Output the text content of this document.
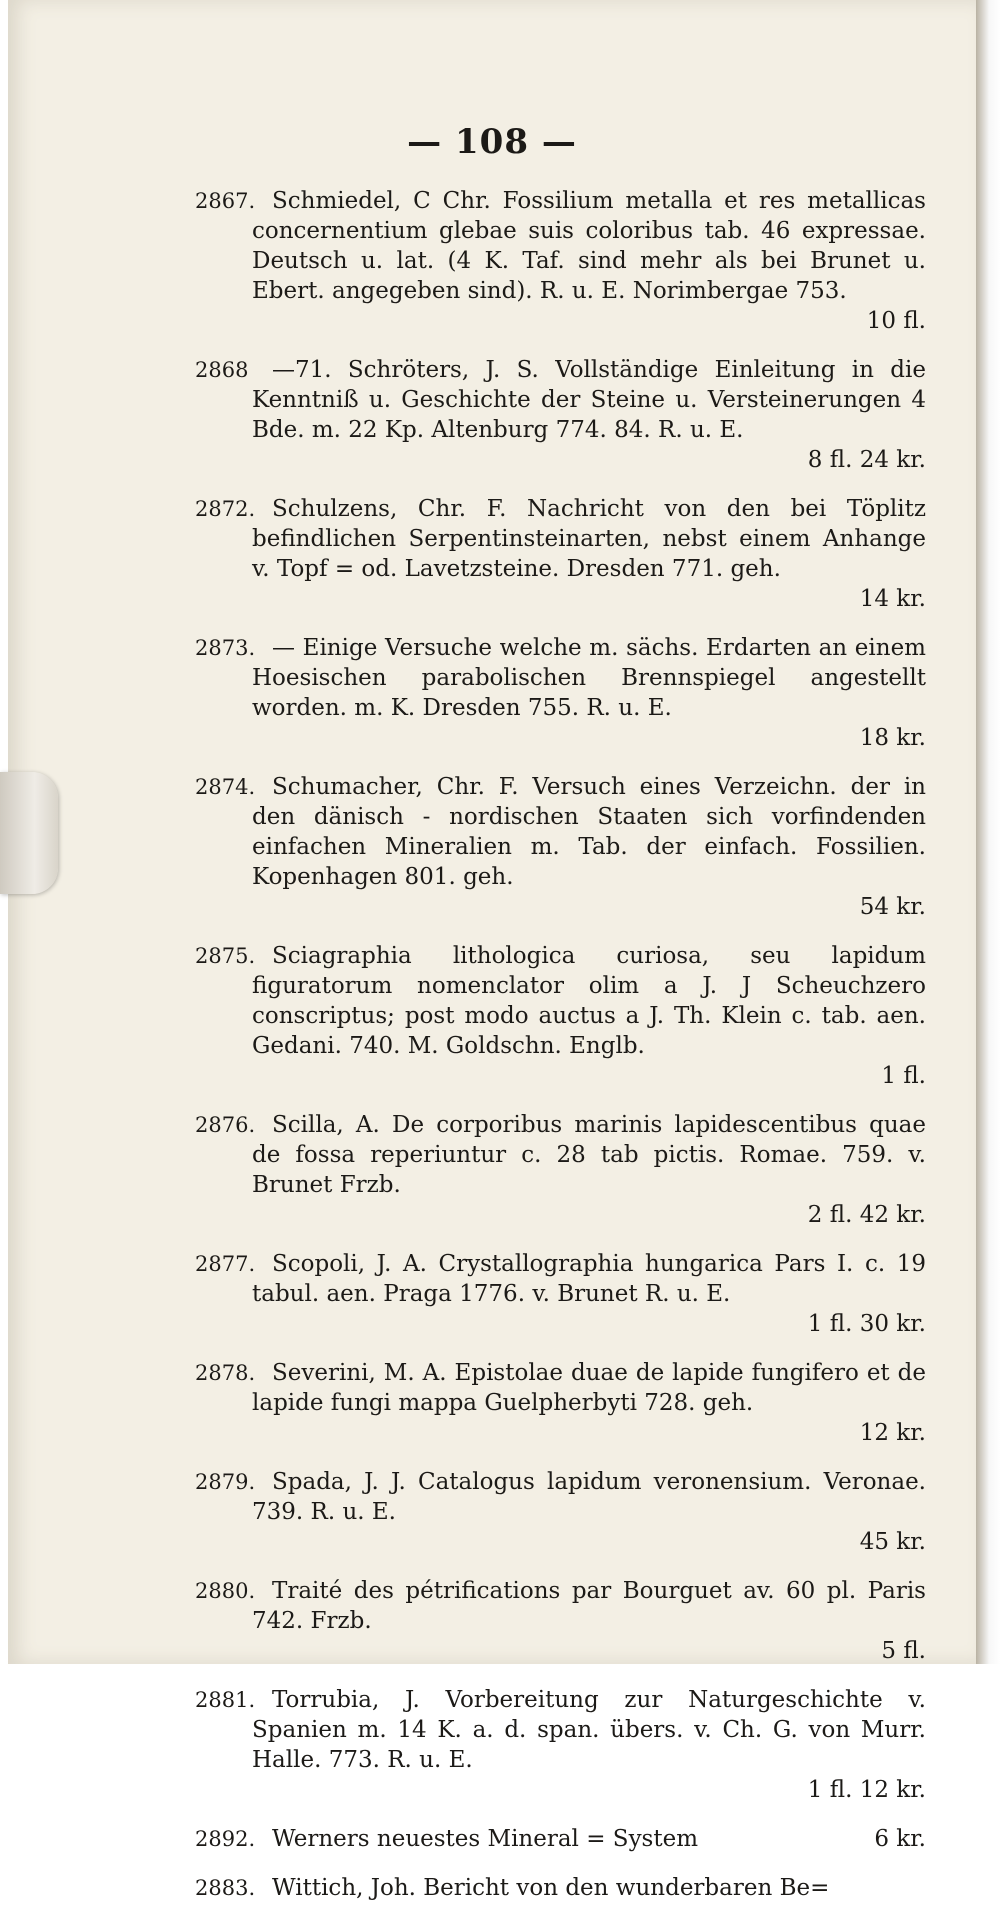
— 108 —
2867. Schmiedel, C Chr. Fossilium metalla et res metallicas concernentium glebae suis coloribus tab. 46 expressae. Deutsch u. lat. (4 K. Taf. sind mehr als bei Brunet u. Ebert. angegeben sind). R. u. E. Norimbergae 753.
10 fl.
2868	—71. Schröters, J. S. Vollständige Einleitung in die Kenntniß u. Geschichte der Steine u. Versteinerungen 4 Bde. m. 22 Kp. Altenburg 774. 84. R. u. E.
8 fl. 24 kr.
2872. Schulzens, Chr. F. Nachricht von den bei Töplitz befindlichen Serpentinsteinarten, nebst einem Anhange v. Topf = od. Lavetzsteine. Dresden 771. geh.
14 kr.
2873. — Einige Versuche welche m. sächs. Erdarten an einem Hoesischen parabolischen Brennspiegel angestellt worden. m. K. Dresden 755. R. u. E.
18 kr.
2874. Schumacher, Chr. F. Versuch eines Verzeichn. der in den dänisch - nordischen Staaten sich vorfindenden einfachen Mineralien m. Tab. der einfach. Fossilien. Kopenhagen 801. geh.
54 kr.
2875. Sciagraphia lithologica curiosa, seu lapidum figuratorum nomenclator olim a J. J Scheuchzero conscriptus; post modo auctus a J. Th. Klein c. tab. aen. Gedani. 740. M. Goldschn. Englb.
1 fl.
2876. Scilla, A. De corporibus marinis lapidescentibus quae de fossa reperiuntur c. 28 tab pictis. Romae. 759. v. Brunet Frzb.
2 fl. 42 kr.
2877. Scopoli, J. A. Crystallographia hungarica Pars I. c. 19 tabul. aen. Praga 1776. v. Brunet R. u. E.
1 fl. 30 kr.
2878. Severini, M. A. Epistolae duae de lapide fungifero et de lapide fungi mappa Guelpherbyti 728. geh.
12 kr.
2879. Spada, J. J. Catalogus lapidum veronensium. Veronae. 739. R. u. E.
45 kr.
2880. Traité des pétrifications par Bourguet av. 60 pl. Paris 742. Frzb.
5 fl.
2881. Torrubia, J. Vorbereitung zur Naturgeschichte v. Spanien m. 14 K. a. d. span. übers. v. Ch. G. von Murr. Halle. 773. R. u. E.
1 fl. 12 kr.
2892. Werners neuestes Mineral = System	6 kr.
2883. Wittich, Joh. Bericht von den wunderbaren Be=
